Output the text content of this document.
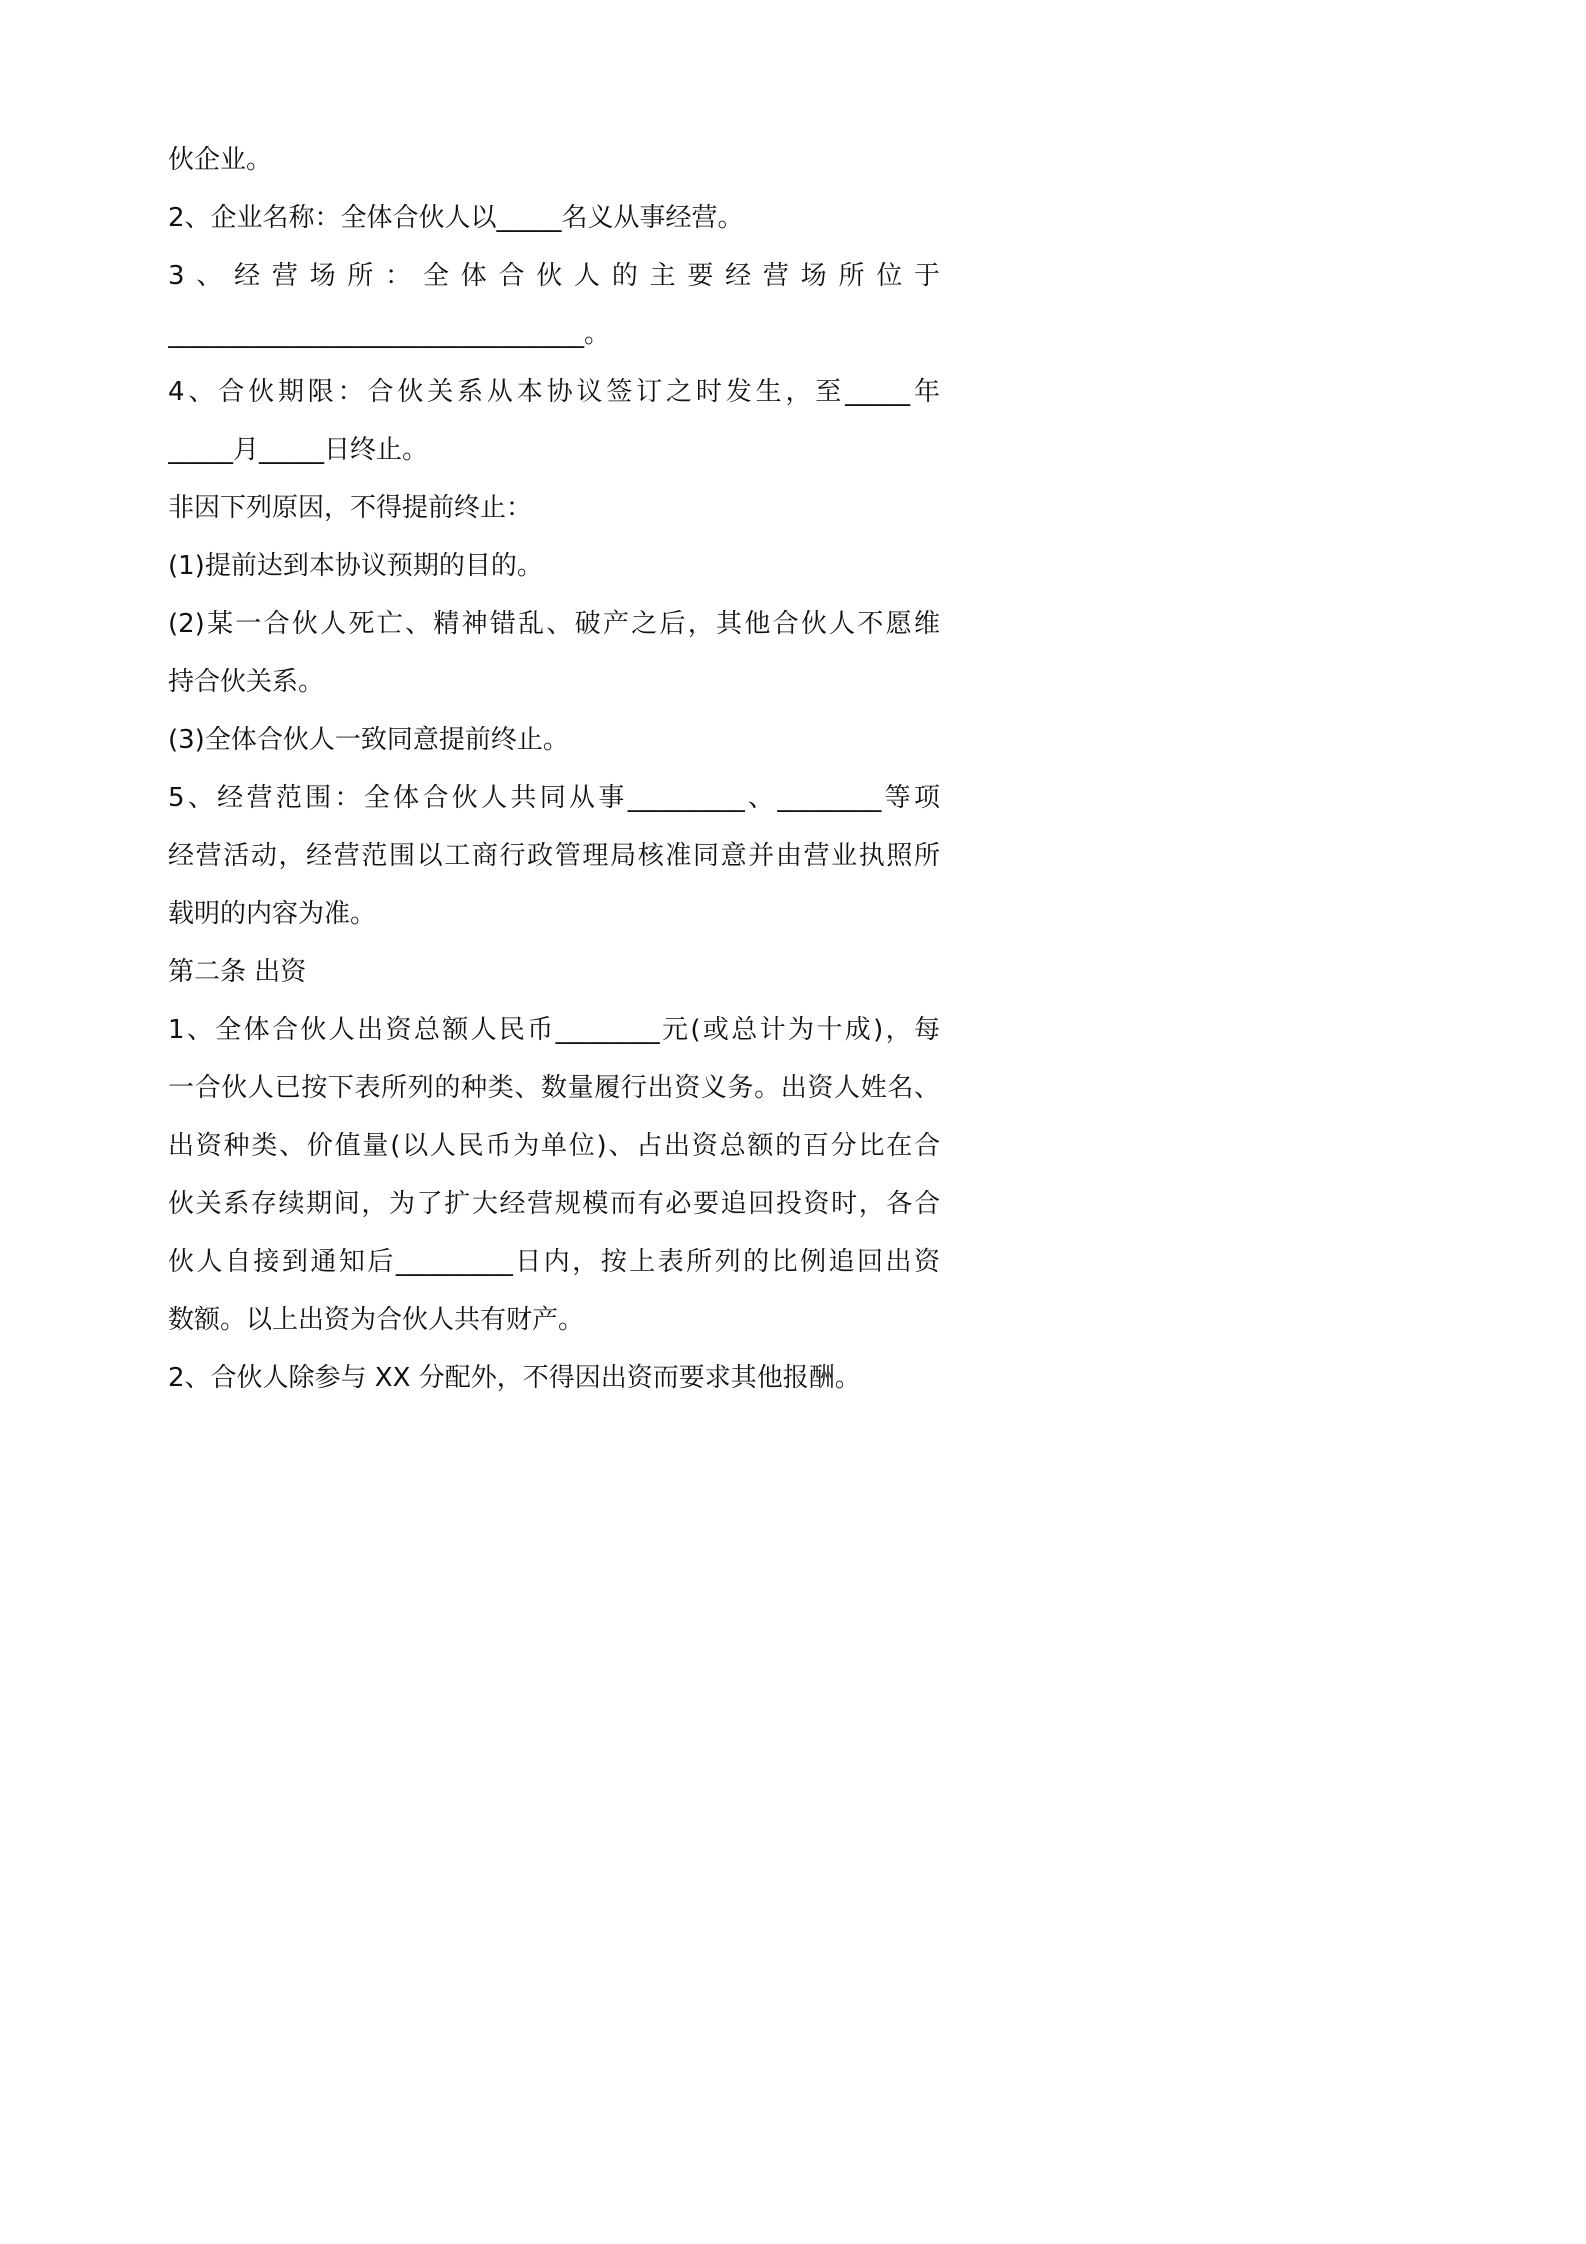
伙企业。
2、企业名称：全体合伙人以_____名义从事经营。
3、经营场所：全体合伙人的主要经营场所位于
________________________________。
4、合伙期限：合伙关系从本协议签订之时发生，至_____年
_____月_____日终止。
非因下列原因，不得提前终止：
(1)提前达到本协议预期的目的。
(2)某一合伙人死亡、精神错乱、破产之后，其他合伙人不愿维
持合伙关系。
(3)全体合伙人一致同意提前终止。
5、经营范围：全体合伙人共同从事_________、________等项
经营活动，经营范围以工商行政管理局核准同意并由营业执照所
载明的内容为准。
第二条 出资
1、全体合伙人出资总额人民币________元(或总计为十成)，每
一合伙人已按下表所列的种类、数量履行出资义务。出资人姓名、
出资种类、价值量(以人民币为单位)、占出资总额的百分比在合
伙关系存续期间，为了扩大经营规模而有必要追回投资时，各合
伙人自接到通知后_________日内，按上表所列的比例追回出资
数额。以上出资为合伙人共有财产。
2、合伙人除参与 XX 分配外，不得因出资而要求其他报酬。
